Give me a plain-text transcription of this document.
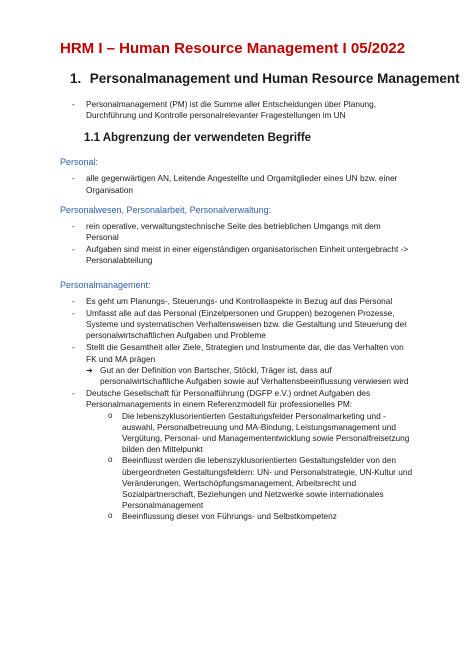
HRM I – Human Resource Management I 05/2022
1. Personalmanagement und Human Resource Management
- Personalmanagement (PM) ist die Summe aller Entscheidungen über Planung, Durchführung und Kontrolle personalrelevanter Fragestellungen im UN
1.1 Abgrenzung der verwendeten Begriffe
Personal:
- alle gegenwärtigen AN, Leitende Angestellte und Orgamitglieder eines UN bzw. einer Organisation
Personalwesen, Personalarbeit, Personalverwaltung:
- rein operative, verwaltungstechnische Seite des betrieblichen Umgangs mit dem Personal
- Aufgaben sind meist in einer eigenständigen organisatorischen Einheit untergebracht -> Personalabteilung
Personalmanagement:
- Es geht um Planungs-, Steuerungs- und Kontrollaspekte in Bezug auf das Personal
- Umfasst alle auf das Personal (Einzelpersonen und Gruppen) bezogenen Prozesse, Systeme und systematischen Verhaltensweisen bzw. die Gestaltung und Steuerung der personalwirtschaftlichen Aufgaben und Probleme
- Stellt die Gesamtheit aller Ziele, Strategien und Instrumente dar, die das Verhalten von FK und MA prägen
➔ Gut an der Definition von Bartscher, Stöckl, Träger ist, dass auf personalwirtschaftliche Aufgaben sowie auf Verhaltensbeeinflussung verwiesen wird
- Deutsche Gesellschaft für Personalführung (DGFP e.V.) ordnet Aufgaben des Personalmanagements in einem Referenzmodell für professionelles PM:
o Die lebenszyklusorientierten Gestaltungsfelder Personalmarketing und -auswahl, Personalbetreuung und MA-Bindung, Leistungsmanagement und Vergütung, Personal- und Managemententwicklung sowie Personalfreisetzung bilden den Mittelpunkt
o Beeinflusst werden die lebenszyklusorientierten Gestaltungsfelder von den übergeordneten Gestaltungsfeldern: UN- und Personalstrategie, UN-Kultur und Veränderungen, Wertschöpfungsmanagement, Arbeitsrecht und Sozialpartnerschaft, Beziehungen und Netzwerke sowie internationales Personalmanagement
o Beeinflussung dieser von Führungs- und Selbstkompetenz
